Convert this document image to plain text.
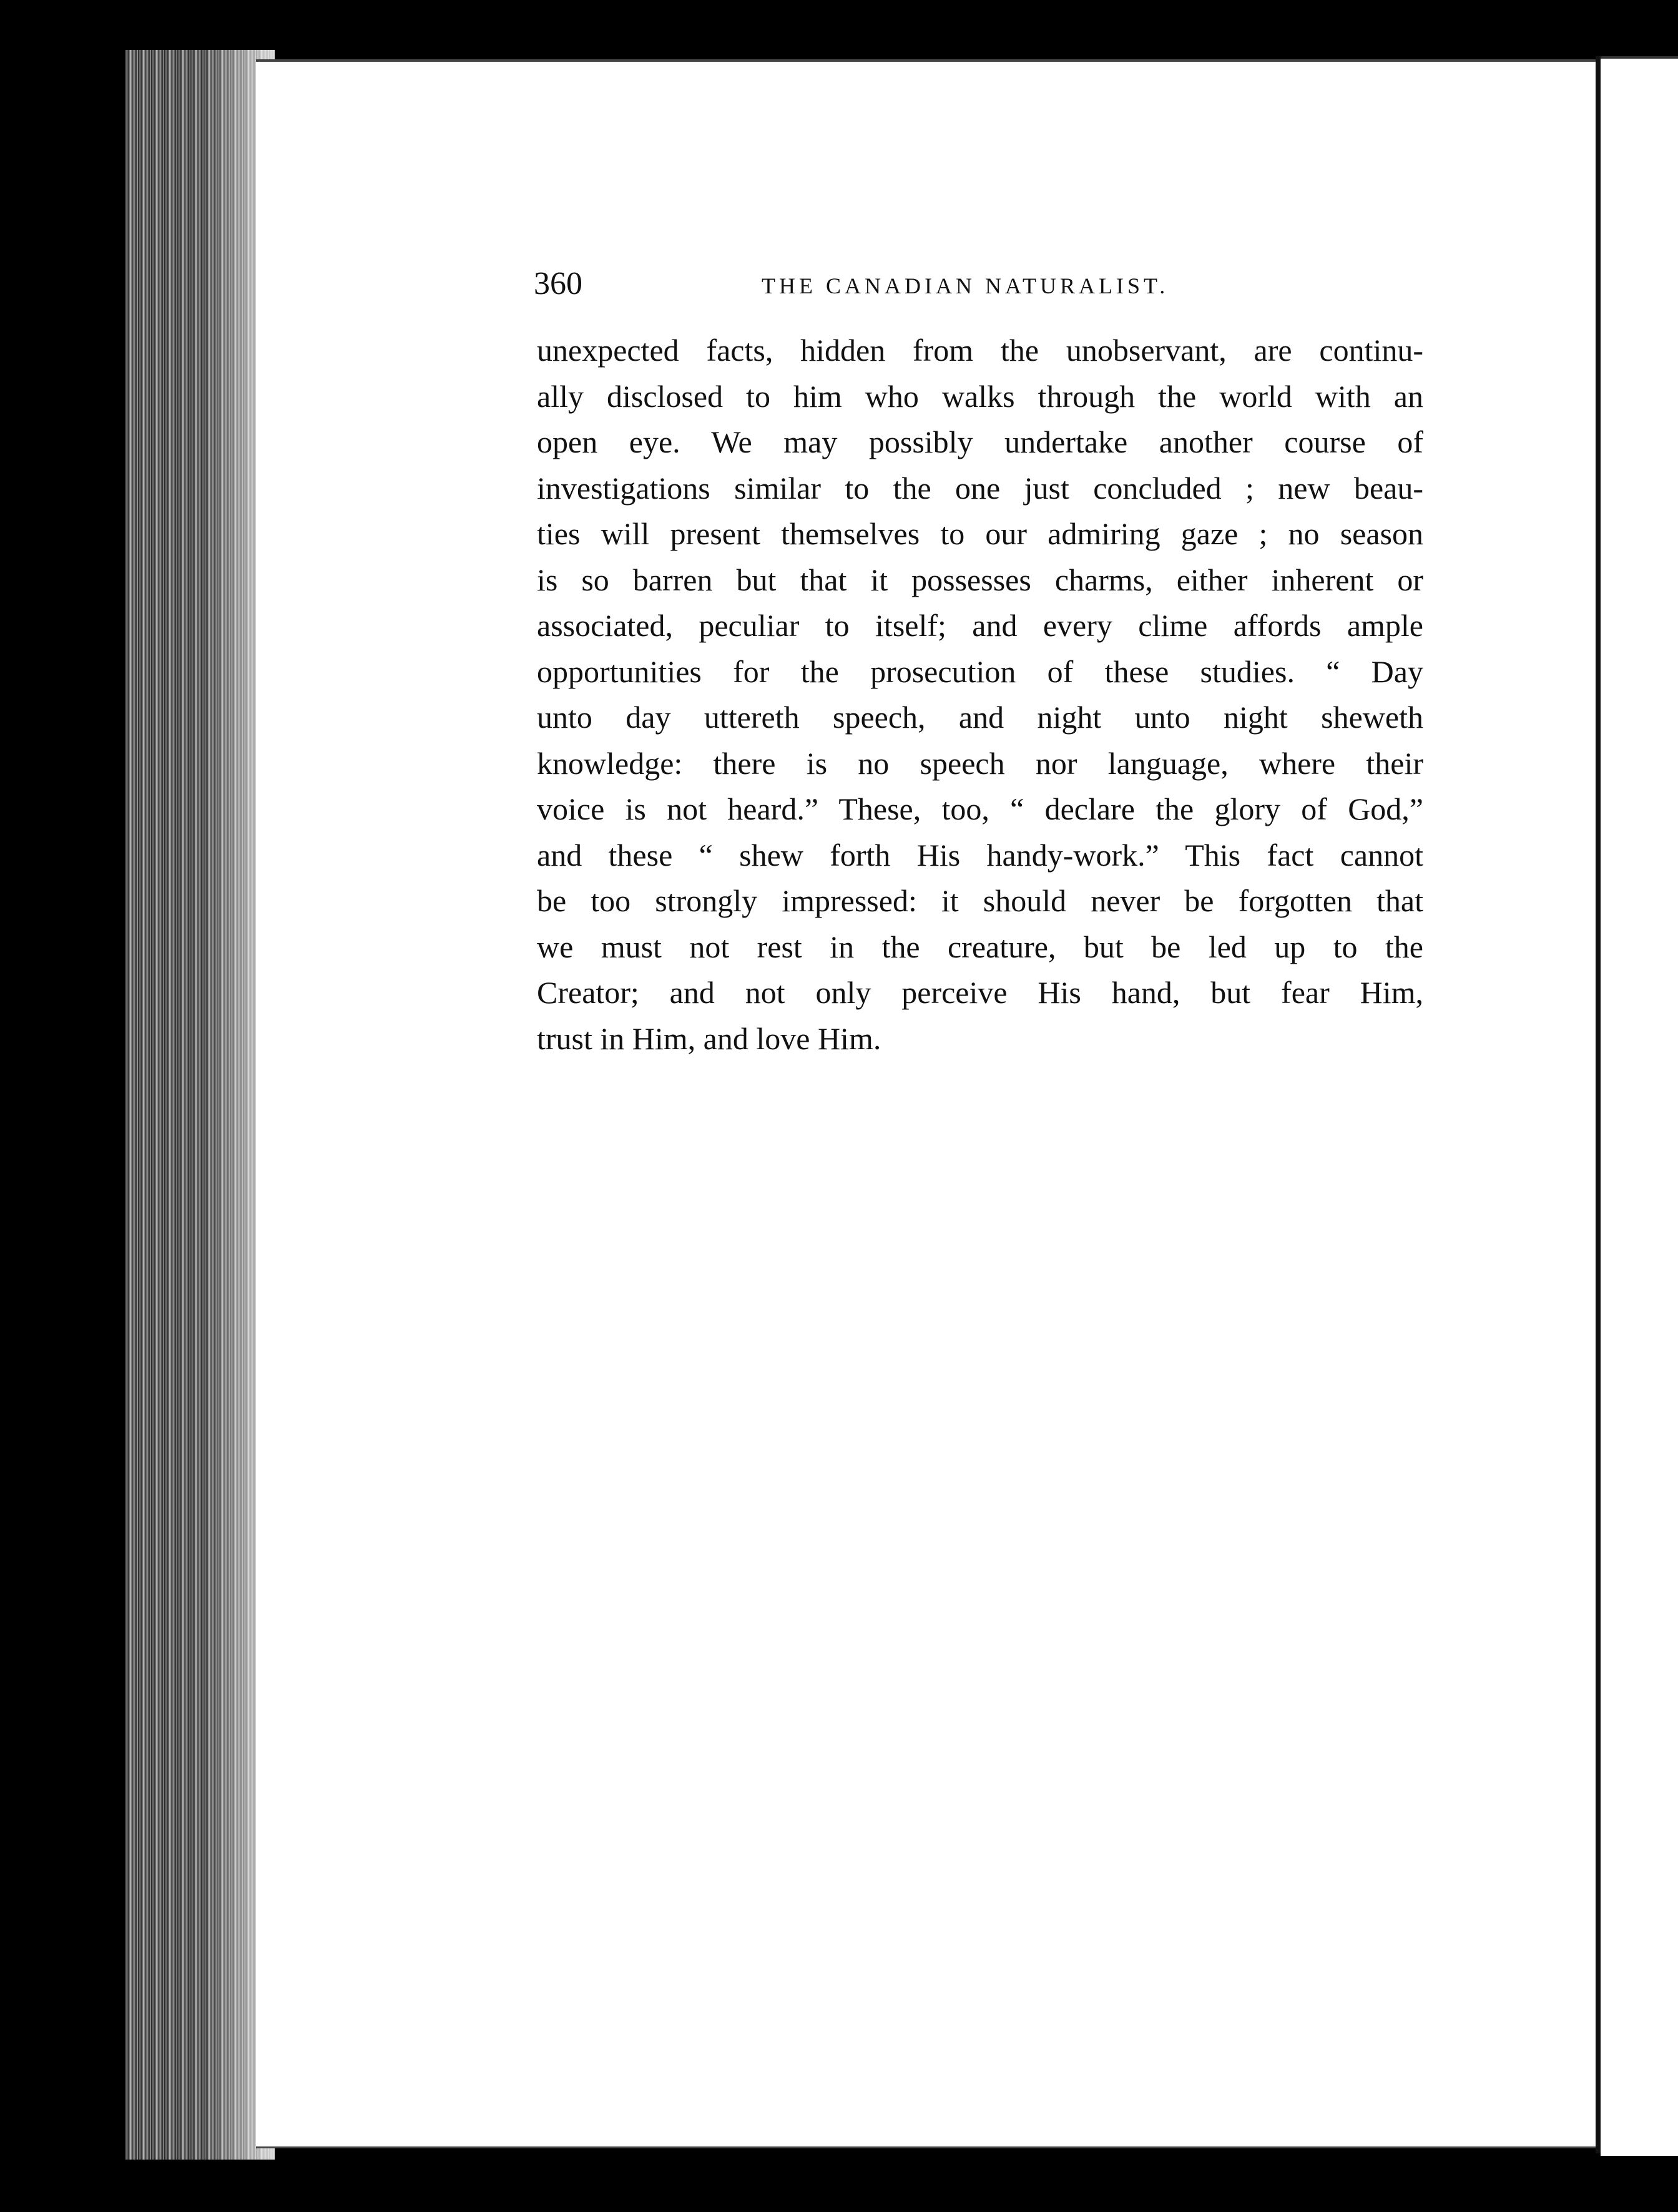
360	THE CANADIAN NATURALIST.
unexpected facts, hidden from the unobservant, are continu-
ally disclosed to him who walks through the world with an
open eye. We may possibly undertake another course of
investigations similar to the one just concluded ; new beau-
ties will present themselves to our admiring gaze ; no season
is so barren but that it possesses charms, either inherent or
associated, peculiar to itself; and every clime affords ample
opportunities for the prosecution of these studies. “ Day
unto day uttereth speech, and night unto night sheweth
knowledge: there is no speech nor language, where their
voice is not heard.” These, too, “ declare the glory of God,”
and these “ shew forth His handy-work.” This fact cannot
be too strongly impressed: it should never be forgotten that
we must not rest in the creature, but be led up to the
Creator; and not only perceive His hand, but fear Him,
trust in Him, and love Him.
